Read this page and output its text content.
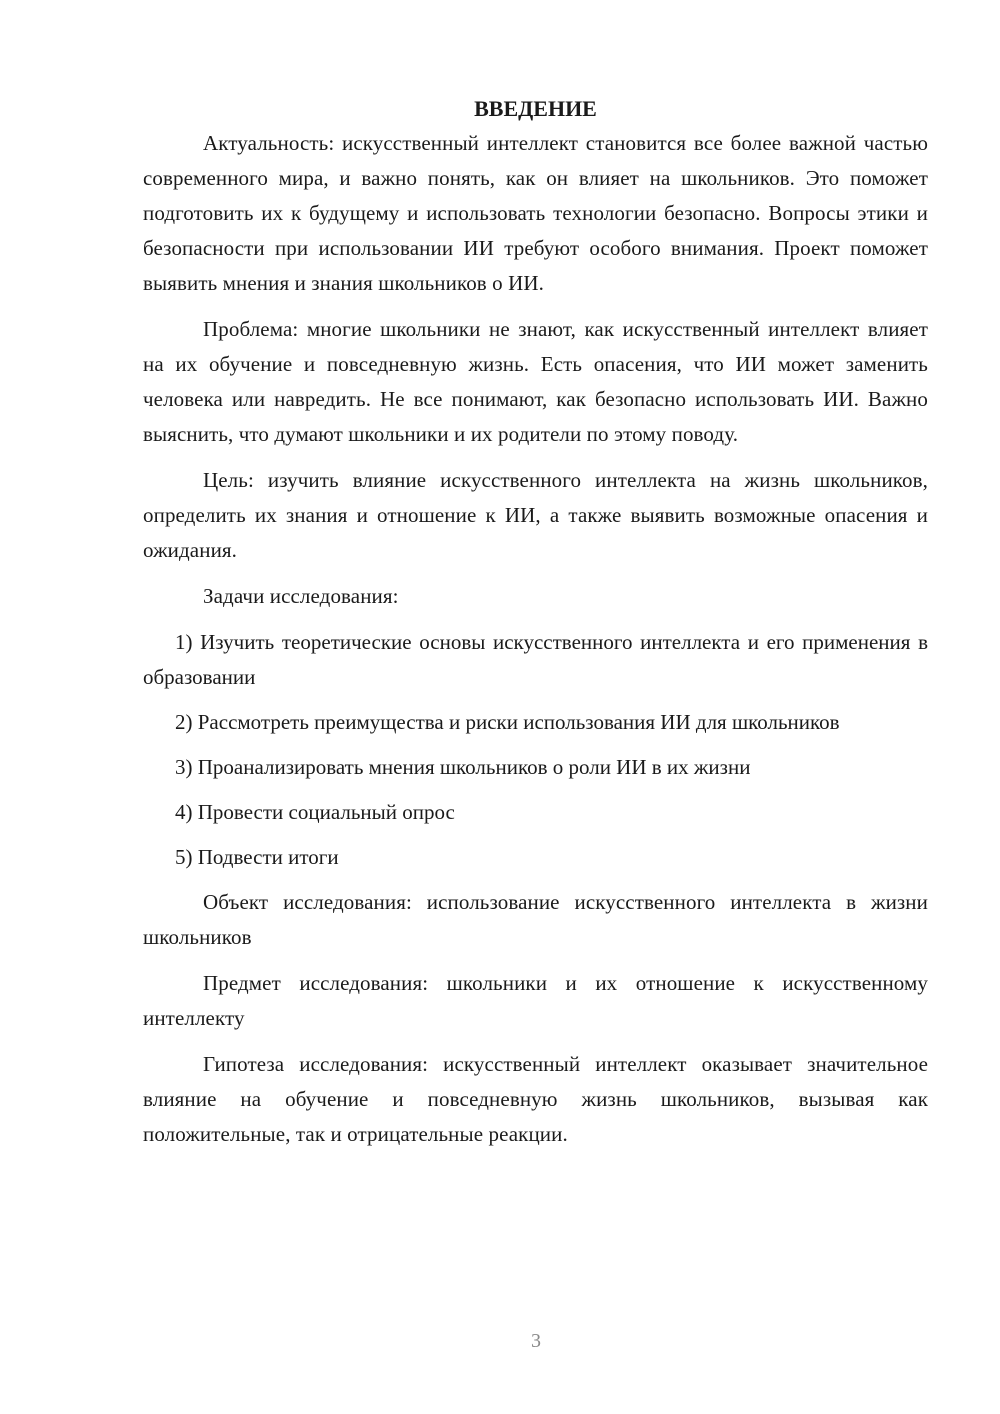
ВВЕДЕНИЕ

Актуальность: искусственный интеллект становится все более важной частью современного мира, и важно понять, как он влияет на школьников. Это поможет подготовить их к будущему и использовать технологии безопасно. Вопросы этики и безопасности при использовании ИИ требуют особого внимания. Проект поможет выявить мнения и знания школьников о ИИ.

Проблема: многие школьники не знают, как искусственный интеллект влияет на их обучение и повседневную жизнь. Есть опасения, что ИИ может заменить человека или навредить. Не все понимают, как безопасно использовать ИИ. Важно выяснить, что думают школьники и их родители по этому поводу.

Цель: изучить влияние искусственного интеллекта на жизнь школьников, определить их знания и отношение к ИИ, а также выявить возможные опасения и ожидания.

Задачи исследования:

1) Изучить теоретические основы искусственного интеллекта и его применения в образовании

2) Рассмотреть преимущества и риски использования ИИ для школьников

3) Проанализировать мнения школьников о роли ИИ в их жизни

4) Провести социальный опрос

5) Подвести итоги

Объект исследования: использование искусственного интеллекта в жизни школьников

Предмет исследования: школьники и их отношение к искусственному интеллекту

Гипотеза исследования: искусственный интеллект оказывает значительное влияние на обучение и повседневную жизнь школьников, вызывая как положительные, так и отрицательные реакции.

3
